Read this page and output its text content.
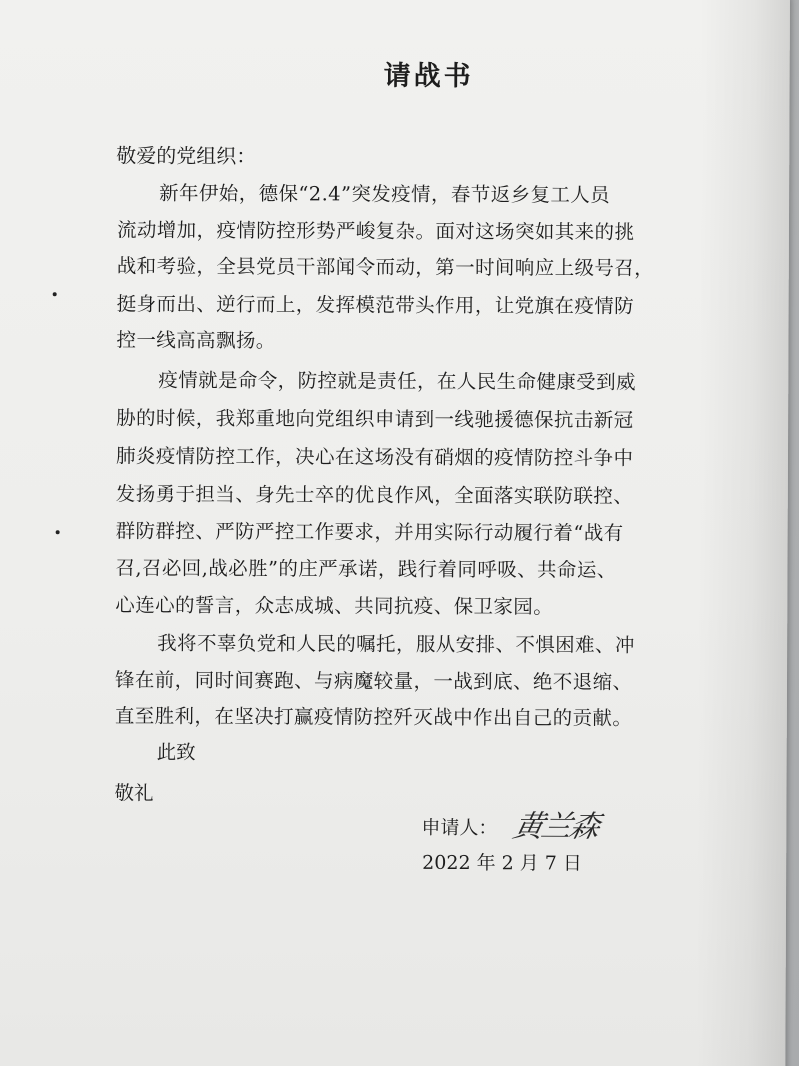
请战书
敬爱的党组织：
新年伊始，德保“2.4”突发疫情，春节返乡复工人员
流动增加，疫情防控形势严峻复杂。面对这场突如其来的挑
战和考验，全县党员干部闻令而动，第一时间响应上级号召，
挺身而出、逆行而上，发挥模范带头作用，让党旗在疫情防
控一线高高飘扬。
疫情就是命令，防控就是责任，在人民生命健康受到威
胁的时候，我郑重地向党组织申请到一线驰援德保抗击新冠
肺炎疫情防控工作，决心在这场没有硝烟的疫情防控斗争中
发扬勇于担当、身先士卒的优良作风，全面落实联防联控、
群防群控、严防严控工作要求，并用实际行动履行着“战有
召,召必回,战必胜”的庄严承诺，践行着同呼吸、共命运、
心连心的誓言，众志成城、共同抗疫、保卫家园。
我将不辜负党和人民的嘱托，服从安排、不惧困难、冲
锋在前，同时间赛跑、与病魔较量，一战到底、绝不退缩、
直至胜利，在坚决打赢疫情防控歼灭战中作出自己的贡献。
此致
敬礼
申请人： 黄兰森
2022 年 2 月 7 日
